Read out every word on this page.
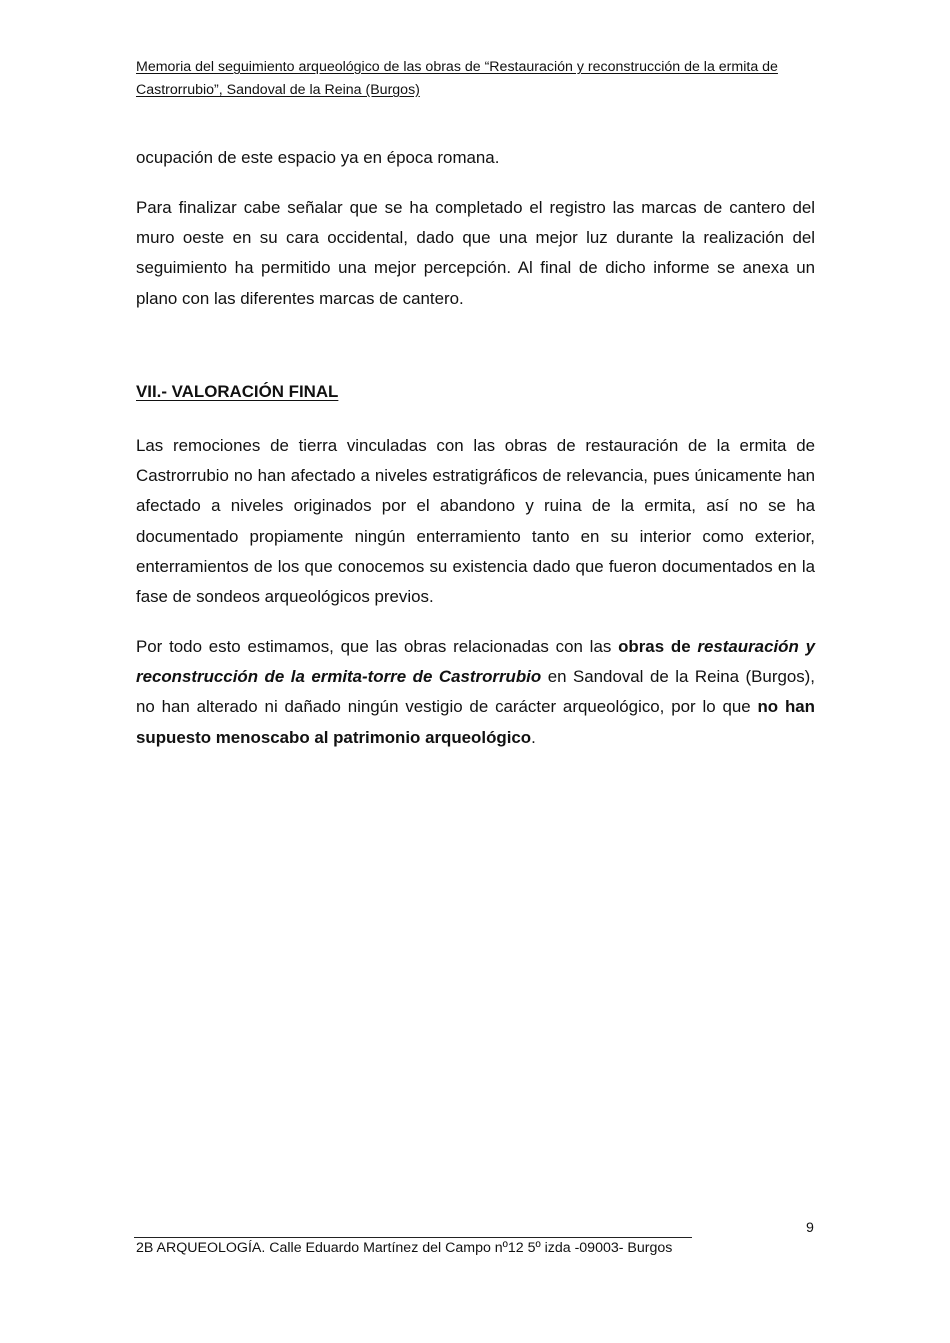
Memoria del seguimiento arqueológico de las obras de “Restauración y reconstrucción de la ermita de
Castrorrubio”, Sandoval de la Reina (Burgos)
ocupación de este espacio ya en época romana.
Para finalizar cabe señalar que se ha completado el registro las marcas de cantero del muro oeste en su cara occidental, dado que una mejor luz durante la realización del seguimiento ha permitido una mejor percepción. Al final de dicho informe se anexa un plano con las diferentes marcas de cantero.
VII.- VALORACIÓN FINAL
Las remociones de tierra vinculadas con las obras de restauración de la ermita de Castrorrubio no han afectado a niveles estratigráficos de relevancia, pues únicamente han afectado a niveles originados por el abandono y ruina de la ermita, así no se ha documentado propiamente ningún enterramiento tanto en su interior como exterior, enterramientos de los que conocemos su existencia dado que fueron documentados en la fase de sondeos arqueológicos previos.
Por todo esto estimamos, que las obras relacionadas con las obras de restauración y reconstrucción de la ermita-torre de Castrorrubio en Sandoval de la Reina (Burgos), no han alterado ni dañado ningún vestigio de carácter arqueológico, por lo que no han supuesto menoscabo al patrimonio arqueológico.
9
2B ARQUEOLOGÍA. Calle Eduardo Martínez del Campo nº12 5º izda -09003- Burgos
